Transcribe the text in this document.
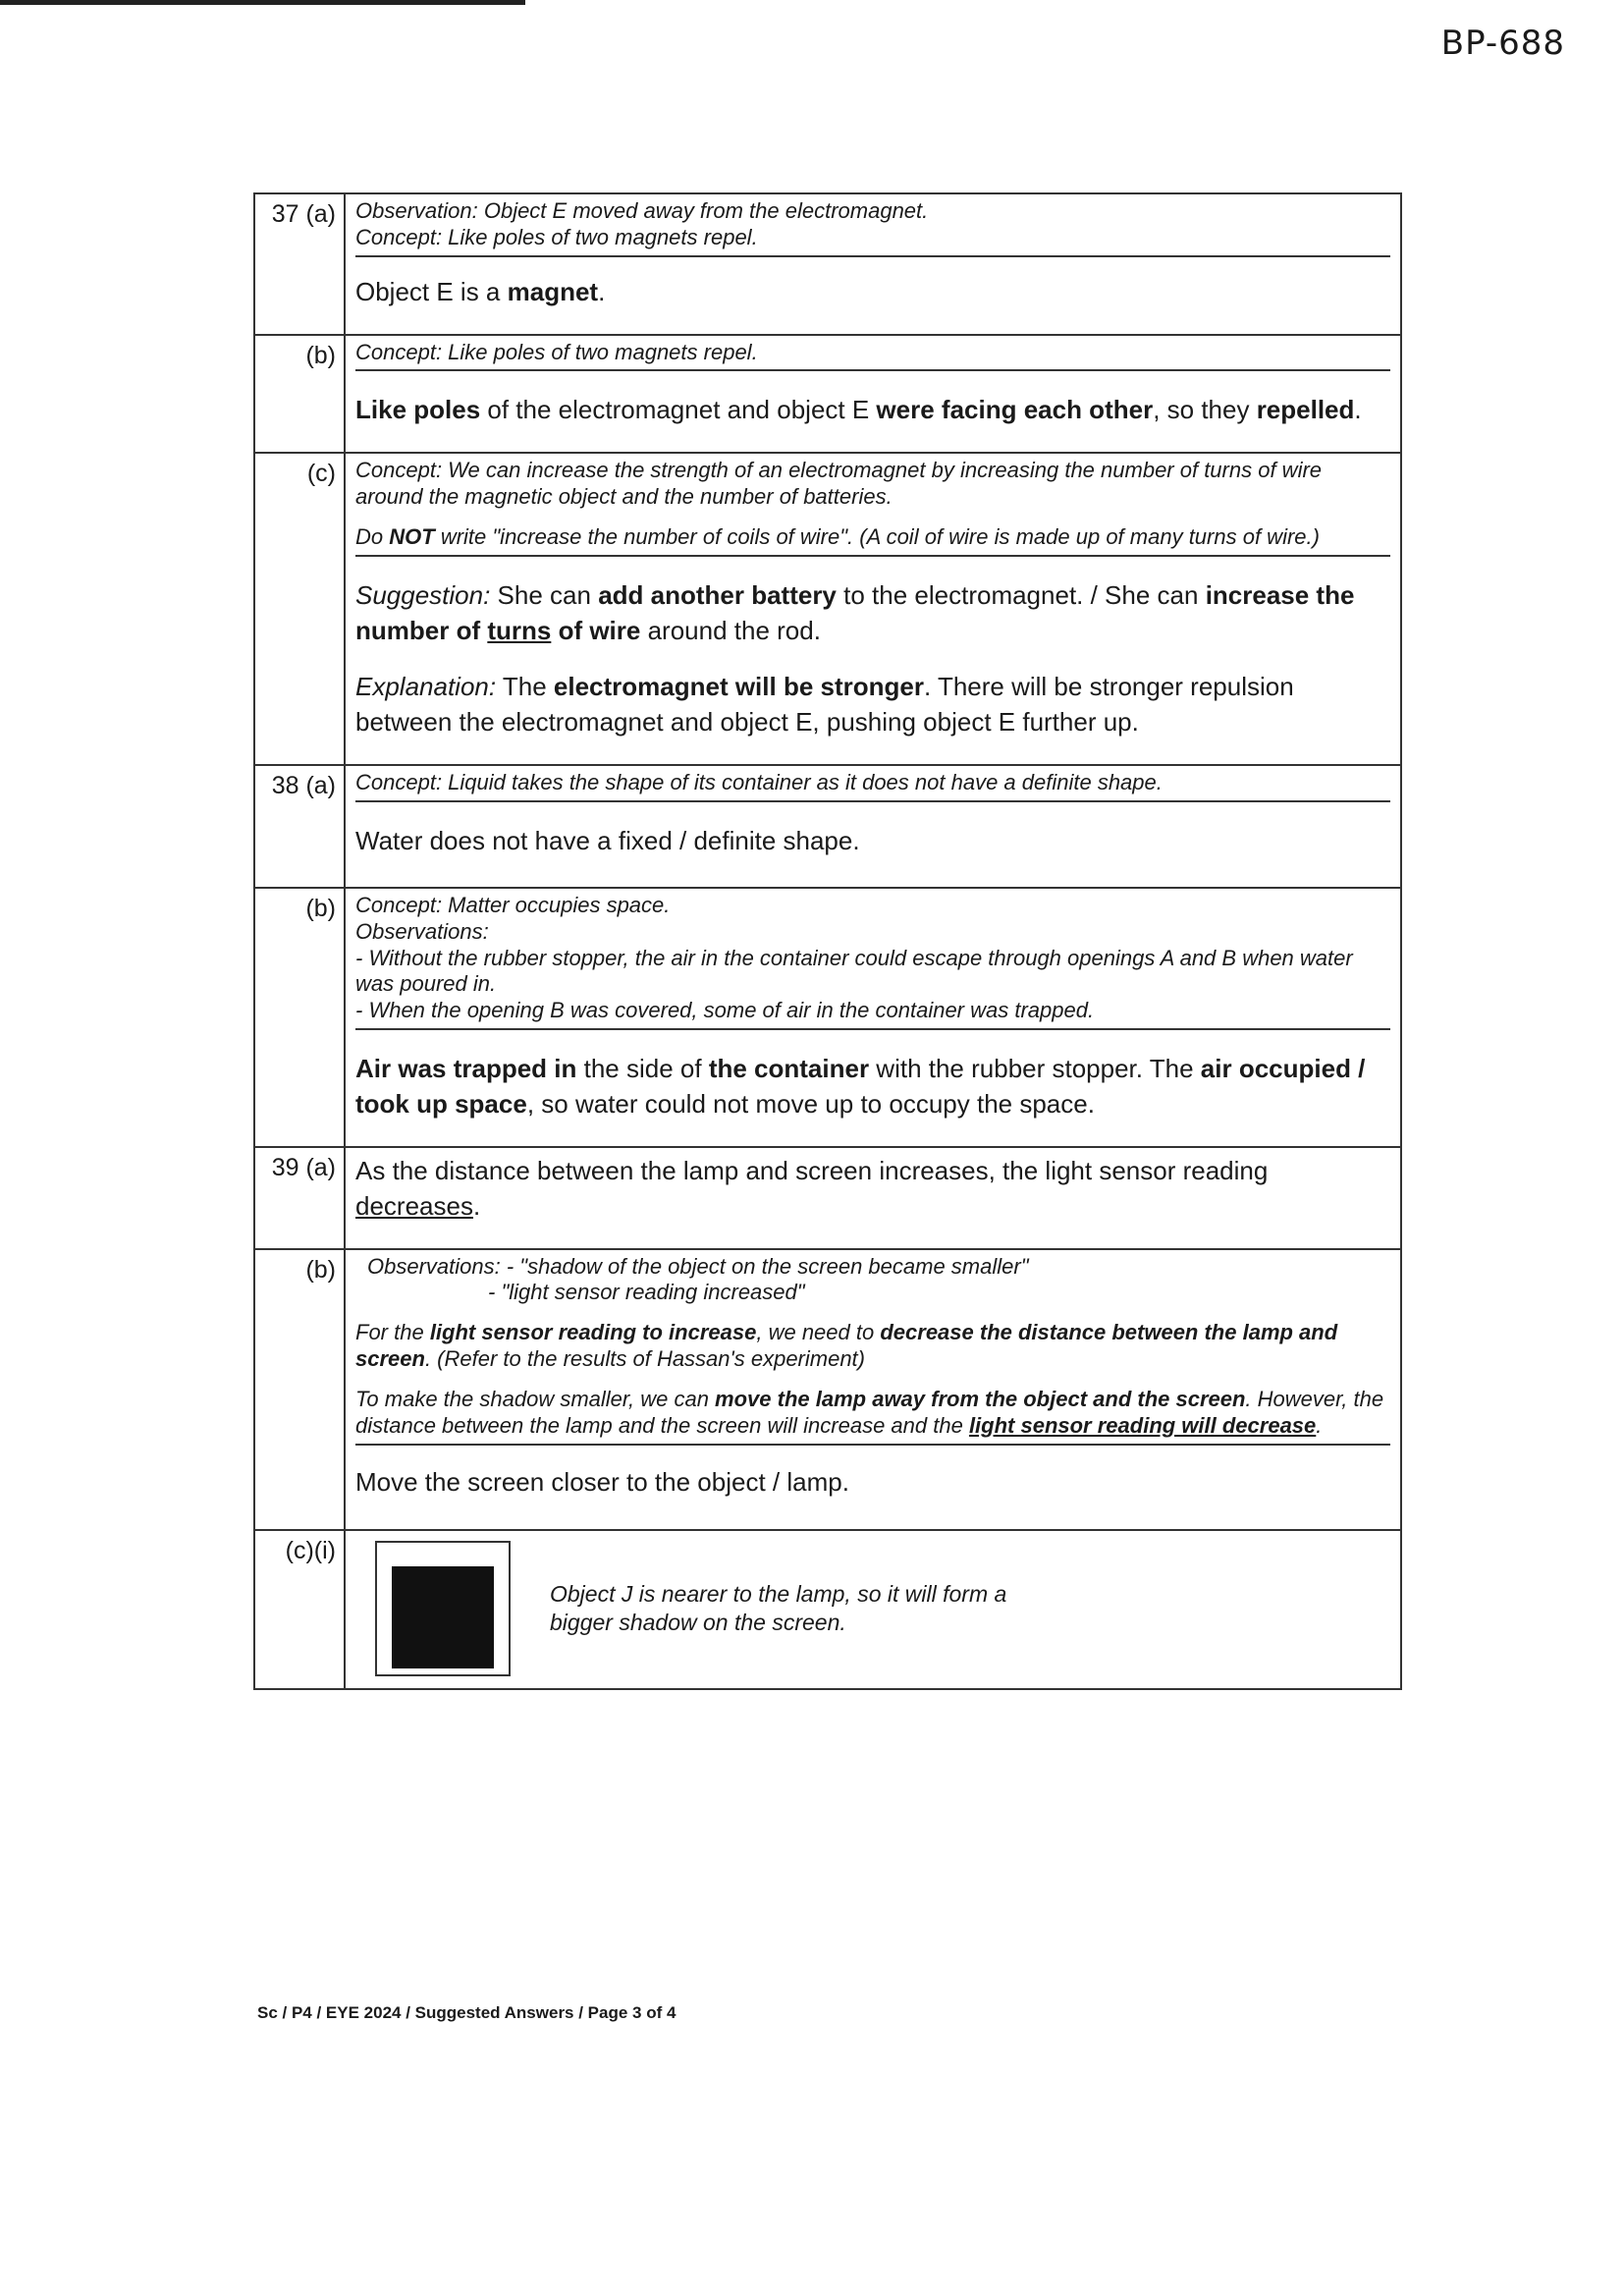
BP-688
37 (a)	Observation: Object E moved away from the electromagnet.
Concept: Like poles of two magnets repel.
Object E is a magnet.

(b)	Concept: Like poles of two magnets repel.
Like poles of the electromagnet and object E were facing each other, so they repelled.

(c)	Concept: We can increase the strength of an electromagnet by increasing the number of turns of wire around the magnetic object and the number of batteries.

Do NOT write "increase the number of coils of wire". (A coil of wire is made up of many turns of wire.)

Suggestion: She can add another battery to the electromagnet. / She can increase the number of turns of wire around the rod.

Explanation: The electromagnet will be stronger. There will be stronger repulsion between the electromagnet and object E, pushing object E further up.

38 (a)	Concept: Liquid takes the shape of its container as it does not have a definite shape.
Water does not have a fixed / definite shape.

(b)	Concept: Matter occupies space.
Observations:
- Without the rubber stopper, the air in the container could escape through openings A and B when water was poured in.
- When the opening B was covered, some of air in the container was trapped.
Air was trapped in the side of the container with the rubber stopper. The air occupied / took up space, so water could not move up to occupy the space.

39 (a)	As the distance between the lamp and screen increases, the light sensor reading decreases.

(b)	Observations: - "shadow of the object on the screen became smaller"

- "light sensor reading increased"

For the light sensor reading to increase, we need to decrease the distance between the lamp and screen. (Refer to the results of Hassan's experiment)

To make the shadow smaller, we can move the lamp away from the object and the screen. However, the distance between the lamp and the screen will increase and the light sensor reading will decrease.

Move the screen closer to the object / lamp.

(c)(i)	Object J is nearer to the lamp, so it will form a bigger shadow on the screen.
Sc / P4 / EYE 2024 / Suggested Answers / Page 3 of 4
